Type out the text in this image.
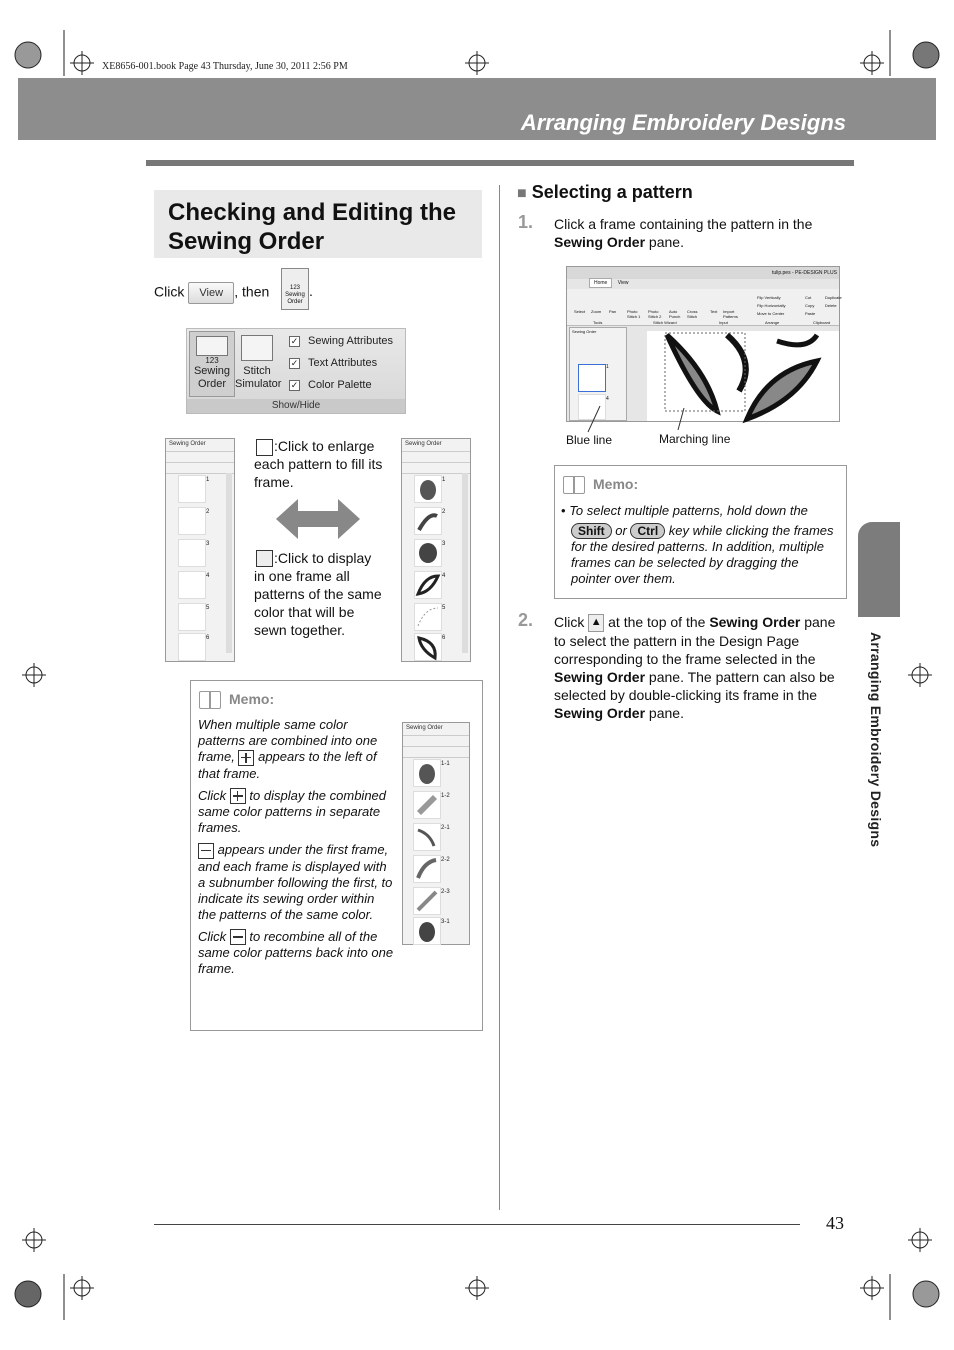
XE8656-001.book Page 43 Thursday, June 30, 2011 2:56 PM
Arranging Embroidery Designs
Arranging Embroidery Designs
Checking and Editing the
Sewing Order
Click View , then	123
Sewing
Order
.
123
Sewing
Order
Stitch
Simulator
✓ Sewing Attributes
✓ Text Attributes
✓ Color Palette
Show/Hide
Sewing Order
1
2
3
4
5
6
:Click to enlarge each pattern to fill its frame.
:Click to display in one frame all patterns of the same color that will be sewn together.
Sewing Order
1
2
3
4
5
6
Memo:

When multiple same color patterns are combined into one frame, appears to the left of that frame.

Click to display the combined same color patterns in separate frames.

appears under the first frame, and each frame is displayed with a subnumber following the first, to indicate its sewing order within the patterns of the same color.

Click to recombine all of the same color patterns back into one frame.

Sewing Order
1-1
1-2
2-1
2-2
2-3
3-1
■ Selecting a pattern
1. Click a frame containing the pattern in the Sewing Order pane.
tulip.pes - PE-DESIGN PLUS
Home View
Select Zoom Pan	Photo Stitch 1
Photo Stitch 2
Auto Punch
Cross Stitch
Text Import Patterns
Flip Vertically
Flip Horizontally
Move to Center
Cut
Copy
Paste
Duplicate
Delete
Tools	Stitch Wizard	Input	Arrange	Clipboard
Sewing Order
1
4
Blue line	Marching line
Memo:
• To select multiple patterns, hold down the
Shift or Ctrl key while clicking the frames for the desired patterns. In addition, multiple frames can be selected by dragging the pointer over them.
2. Click ▲ at the top of the Sewing Order pane to select the pattern in the Design Page corresponding to the frame selected in the Sewing Order pane. The pattern can also be selected by double-clicking its frame in the Sewing Order pane.
43
